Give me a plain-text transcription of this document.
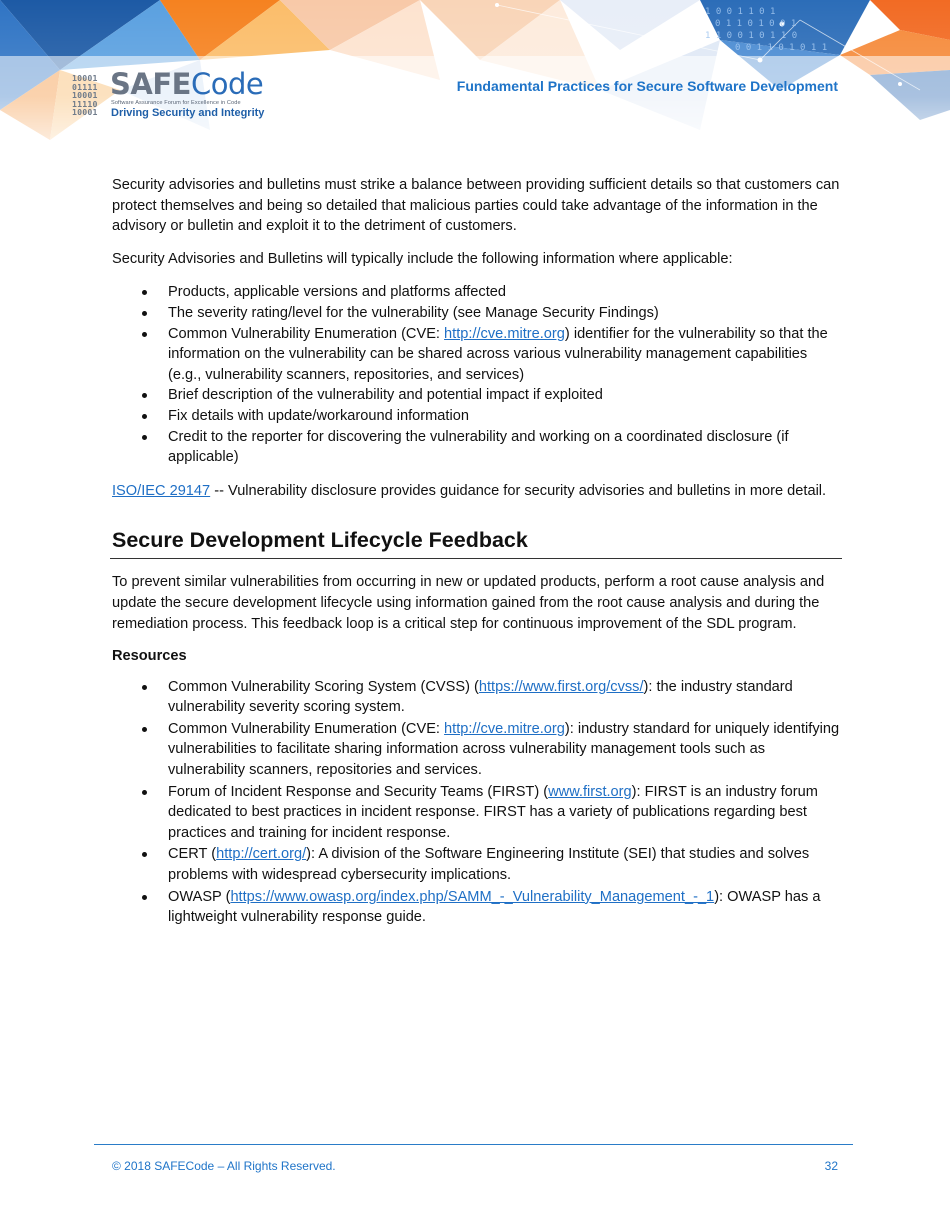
10001
01111
10001
11110
10001
SAFECode
Software Assurance Forum for Excellence in Code
Driving Security and Integrity
Fundamental Practices for Secure Software Development

Security advisories and bulletins must strike a balance between providing sufficient details so that customers can protect themselves and being so detailed that malicious parties could take advantage of the information in the advisory or bulletin and exploit it to the detriment of customers.

Security Advisories and Bulletins will typically include the following information where applicable:

Products, applicable versions and platforms affected
The severity rating/level for the vulnerability (see Manage Security Findings)
Common Vulnerability Enumeration (CVE: http://cve.mitre.org) identifier for the vulnerability so that the information on the vulnerability can be shared across various vulnerability management capabilities (e.g., vulnerability scanners, repositories, and services)
Brief description of the vulnerability and potential impact if exploited
Fix details with update/workaround information
Credit to the reporter for discovering the vulnerability and working on a coordinated disclosure (if applicable)

ISO/IEC 29147 -- Vulnerability disclosure provides guidance for security advisories and bulletins in more detail.

Secure Development Lifecycle Feedback

To prevent similar vulnerabilities from occurring in new or updated products, perform a root cause analysis and update the secure development lifecycle using information gained from the root cause analysis and during the remediation process. This feedback loop is a critical step for continuous improvement of the SDL program.

Resources
Common Vulnerability Scoring System (CVSS) (https://www.first.org/cvss/): the industry standard vulnerability severity scoring system.
Common Vulnerability Enumeration (CVE: http://cve.mitre.org): industry standard for uniquely identifying vulnerabilities to facilitate sharing information across vulnerability management tools such as vulnerability scanners, repositories and services.
Forum of Incident Response and Security Teams (FIRST) (www.first.org): FIRST is an industry forum dedicated to best practices in incident response. FIRST has a variety of publications regarding best practices and training for incident response.
CERT (http://cert.org/): A division of the Software Engineering Institute (SEI) that studies and solves problems with widespread cybersecurity implications.
OWASP (https://www.owasp.org/index.php/SAMM_-_Vulnerability_Management_-_1): OWASP has a lightweight vulnerability response guide.
© 2018 SAFECode – All Rights Reserved.	32
